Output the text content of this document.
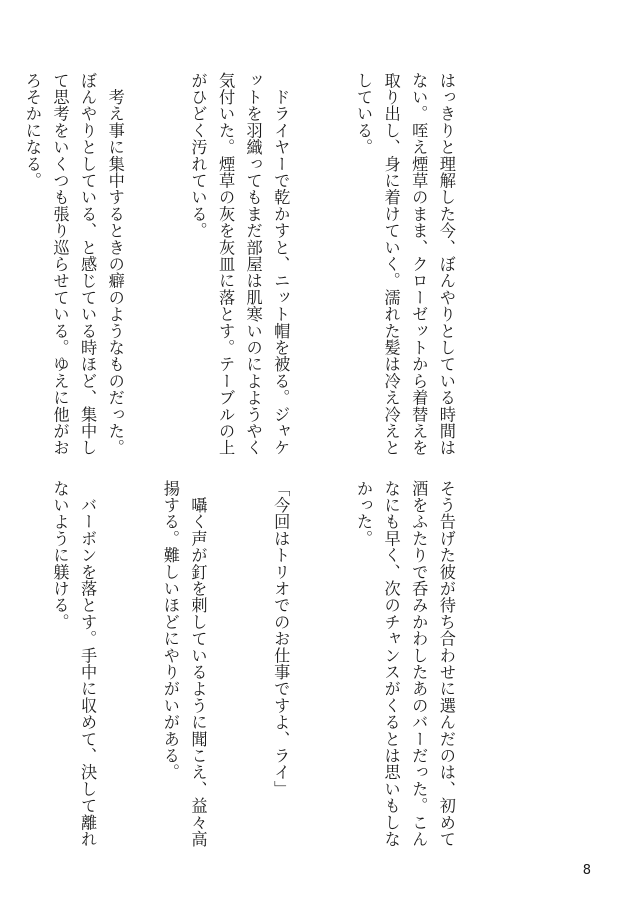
はっきりと理解した今、ぼんやりとしている時間はない。咥え煙草のまま、クローゼットから着替えを取り出し、身に着けていく。濡れた髪は冷え冷えとしている。

　ドライヤーで乾かすと、ニット帽を被る。ジャケットを羽織ってもまだ部屋は肌寒いのによようやく気付いた。煙草の灰を灰皿に落とす。テーブルの上がひどく汚れている。

　考え事に集中するときの癖のようなものだった。ぼんやりとしている、と感じている時ほど、集中して思考をいくつも張り巡らせている。ゆえに他がおろそかになる。

そう告げた彼が待ち合わせに選んだのは、初めて酒をふたりで呑みかわしたあのバーだった。こんなにも早く、次のチャンスがくるとは思いもしなかった。

「今回はトリオでのお仕事ですよ、ライ」

　囁く声が釘を刺しているように聞こえ、益々高揚する。難しいほどにやりがいがある。

　バーボンを落とす。手中に収めて、決して離れないように躾ける。

8
